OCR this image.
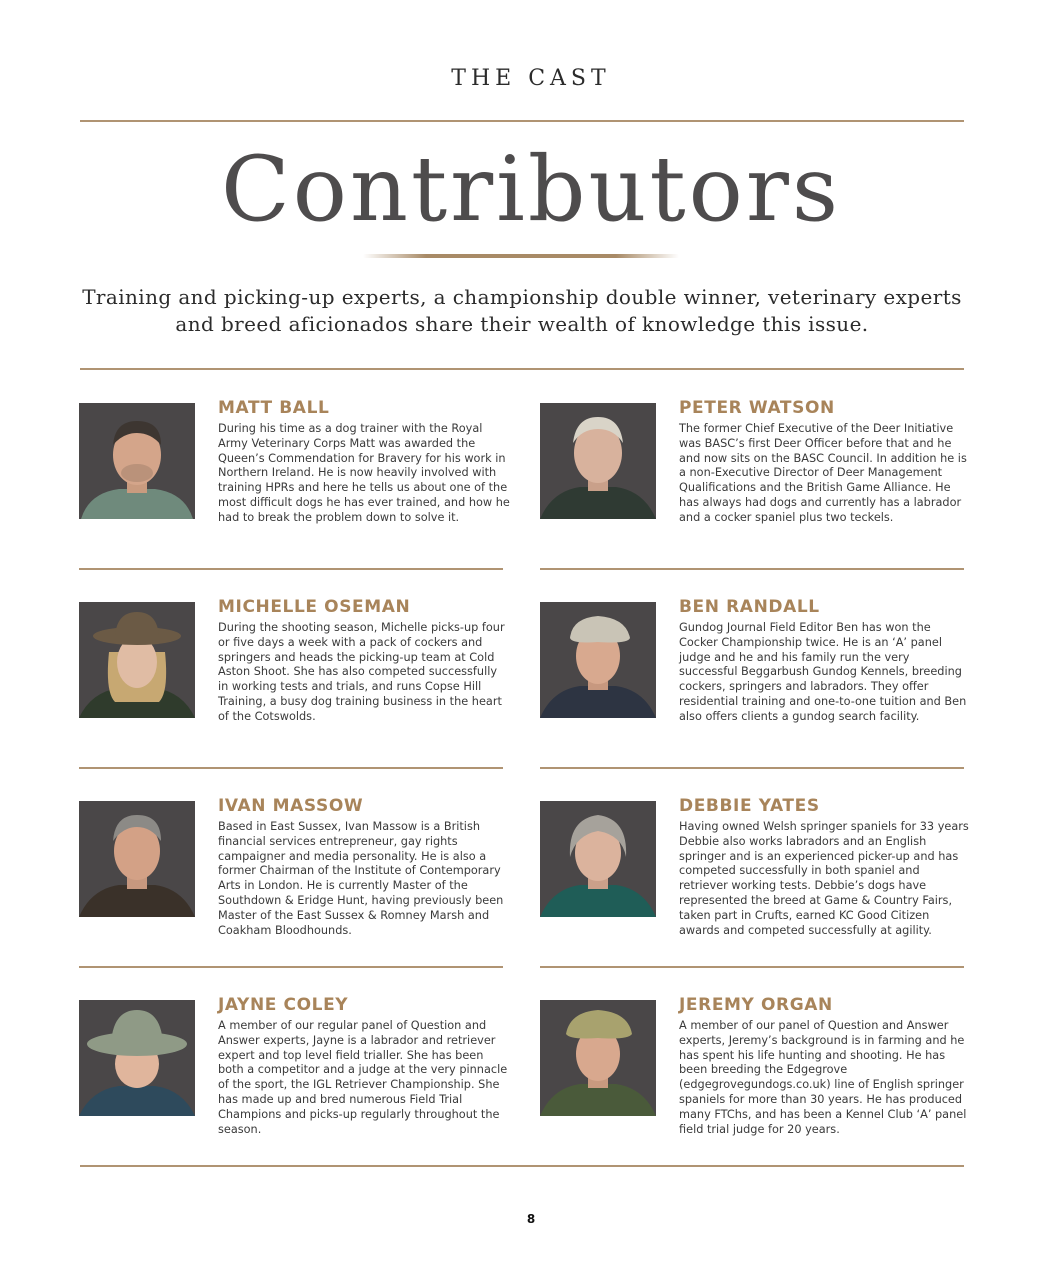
THE CAST
Contributors
Training and picking-up experts, a championship double winner, veterinary experts and breed aficionados share their wealth of knowledge this issue.
MATT BALL
During his time as a dog trainer with the Royal Army Veterinary Corps Matt was awarded the Queen’s Commendation for Bravery for his work in Northern Ireland. He is now heavily involved with training HPRs and here he tells us about one of the most difficult dogs he has ever trained, and how he had to break the problem down to solve it.
PETER WATSON
The former Chief Executive of the Deer Initiative was BASC’s first Deer Officer before that and he and now sits on the BASC Council. In addition he is a non-Executive Director of Deer Management Qualifications and the British Game Alliance. He has always had dogs and currently has a labrador and a cocker spaniel plus two teckels.
MICHELLE OSEMAN
During the shooting season, Michelle picks-up four or five days a week with a pack of cockers and springers and heads the picking-up team at Cold Aston Shoot. She has also competed successfully in working tests and trials, and runs Copse Hill Training, a busy dog training business in the heart of the Cotswolds.
BEN RANDALL
Gundog Journal Field Editor Ben has won the Cocker Championship twice. He is an ‘A’ panel judge and he and his family run the very successful Beggarbush Gundog Kennels, breeding cockers, springers and labradors. They offer residential training and one-to-one tuition and Ben also offers clients a gundog search facility.
IVAN MASSOW
Based in East Sussex, Ivan Massow is a British financial services entrepreneur, gay rights campaigner and media personality. He is also a former Chairman of the Institute of Contemporary Arts in London. He is currently Master of the Southdown & Eridge Hunt, having previously been Master of the East Sussex & Romney Marsh and Coakham Bloodhounds.
DEBBIE YATES
Having owned Welsh springer spaniels for 33 years Debbie also works labradors and an English springer and is an experienced picker-up and has competed successfully in both spaniel and retriever working tests. Debbie’s dogs have represented the breed at Game & Country Fairs, taken part in Crufts, earned KC Good Citizen awards and competed successfully at agility.
JAYNE COLEY
A member of our regular panel of Question and Answer experts, Jayne is a labrador and retriever expert and top level field trialler. She has been both a competitor and a judge at the very pinnacle of the sport, the IGL Retriever Championship. She has made up and bred numerous Field Trial Champions and picks-up regularly throughout the season.
JEREMY ORGAN
A member of our panel of Question and Answer experts, Jeremy’s background is in farming and he has spent his life hunting and shooting. He has been breeding the Edgegrove (edgegrovegundogs.co.uk) line of English springer spaniels for more than 30 years. He has produced many FTChs, and has been a Kennel Club ‘A’ panel field trial judge for 20 years.
8
